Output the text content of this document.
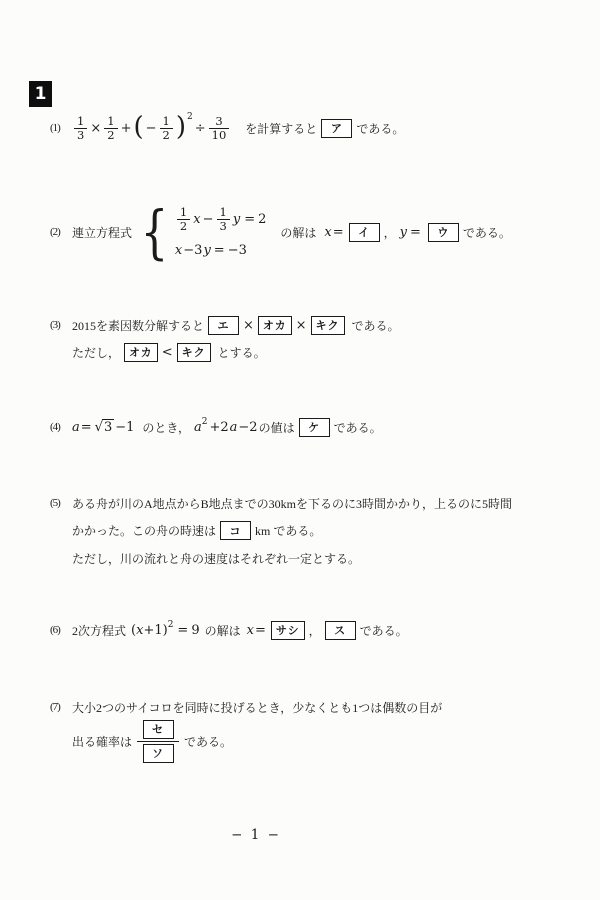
1
(1)	$\frac{1}{3} \times \frac{1}{2}$ + ( − $\frac{1}{2}$ ) 2
÷ $\frac{3}{10}$ を計算すると	ア	である。
(2)	連立方程式 { $\frac{1}{2}$ $x - \frac{1}{3}$ y = 2
x −3 y = −3
の解は x =	イ	， y =	ウ	である。
(3)	2015を素因数分解すると	エ	× オカ × キク	である。
ただし， オカ < キク	とする。
(4) a = √ 3 −1 のとき， a 2 +2 a −2 の値は	ケ	である。
(5)	ある舟が川のA地点からB地点までの30kmを下るのに3時間かかり，上るのに5時間
かかった。この舟の時速は	コ	km である。
ただし，川の流れと舟の速度はそれぞれ一定とする。
(6)	2次方程式 ( x +1 ) 2 = 9 の解は x = サシ ，	ス	である。
(7)	大小2つのサイコロを同時に投げるとき，少なくとも1つは偶数の目が
出る確率は
セ
ソ
である。
− 1 −
